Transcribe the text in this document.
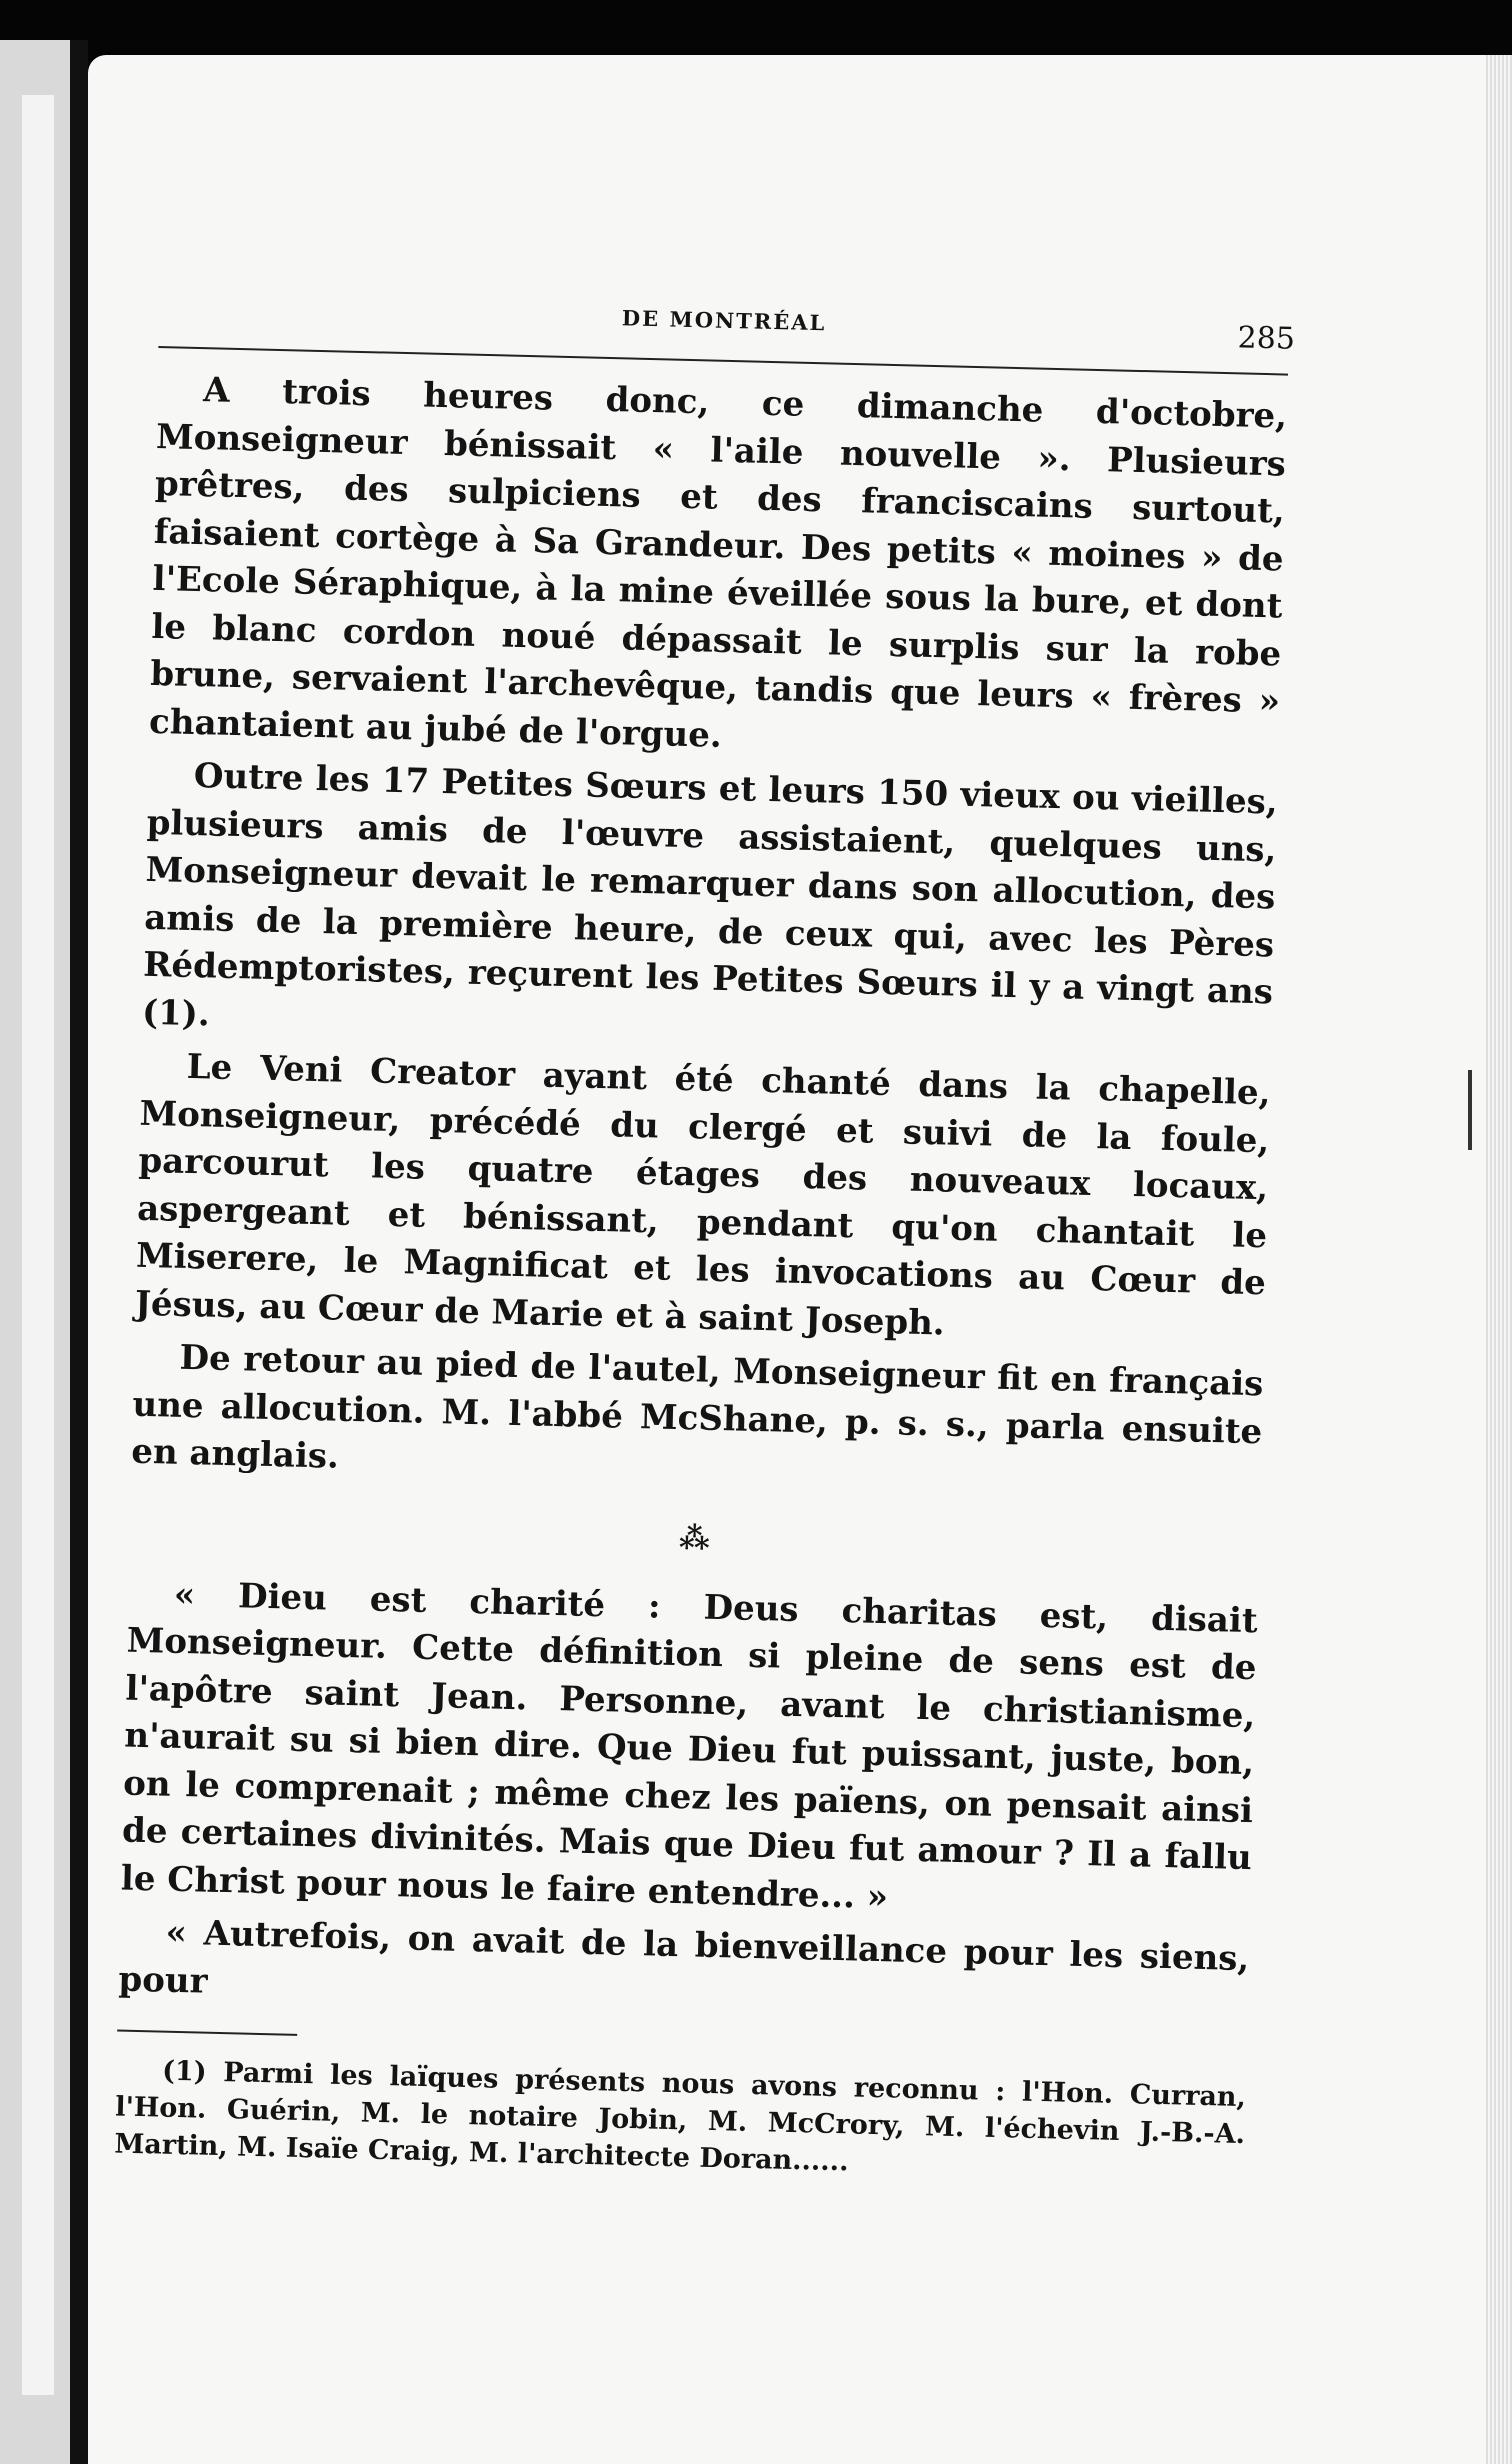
DE MONTRÉAL
285

A trois heures donc, ce dimanche d'octobre, Monseigneur bénissait « l'aile nouvelle ». Plusieurs prêtres, des sulpiciens et des franciscains surtout, faisaient cortège à Sa Grandeur. Des petits « moines » de l'Ecole Séraphique, à la mine éveillée sous la bure, et dont le blanc cordon noué dépassait le surplis sur la robe brune, servaient l'archevêque, tandis que leurs « frères » chantaient au jubé de l'orgue.

Outre les 17 Petites Sœurs et leurs 150 vieux ou vieilles, plusieurs amis de l'œuvre assistaient, quelques uns, Monseigneur devait le remarquer dans son allocution, des amis de la première heure, de ceux qui, avec les Pères Rédemptoristes, reçurent les Petites Sœurs il y a vingt ans (1).

Le Veni Creator ayant été chanté dans la chapelle, Monseigneur, précédé du clergé et suivi de la foule, parcourut les quatre étages des nouveaux locaux, aspergeant et bénissant, pendant qu'on chantait le Miserere, le Magnificat et les invocations au Cœur de Jésus, au Cœur de Marie et à saint Joseph.

De retour au pied de l'autel, Monseigneur fit en français une allocution. M. l'abbé McShane, p. s. s., parla ensuite en anglais.

⁂

« Dieu est charité : Deus charitas est, disait Monseigneur. Cette définition si pleine de sens est de l'apôtre saint Jean. Personne, avant le christianisme, n'aurait su si bien dire. Que Dieu fut puissant, juste, bon, on le comprenait ; même chez les païens, on pensait ainsi de certaines divinités. Mais que Dieu fut amour ? Il a fallu le Christ pour nous le faire entendre... »

« Autrefois, on avait de la bienveillance pour les siens, pour

(1) Parmi les laïques présents nous avons reconnu : l'Hon. Curran, l'Hon. Guérin, M. le notaire Jobin, M. McCrory, M. l'échevin J.-B.-A. Martin, M. Isaïe Craig, M. l'architecte Doran......
